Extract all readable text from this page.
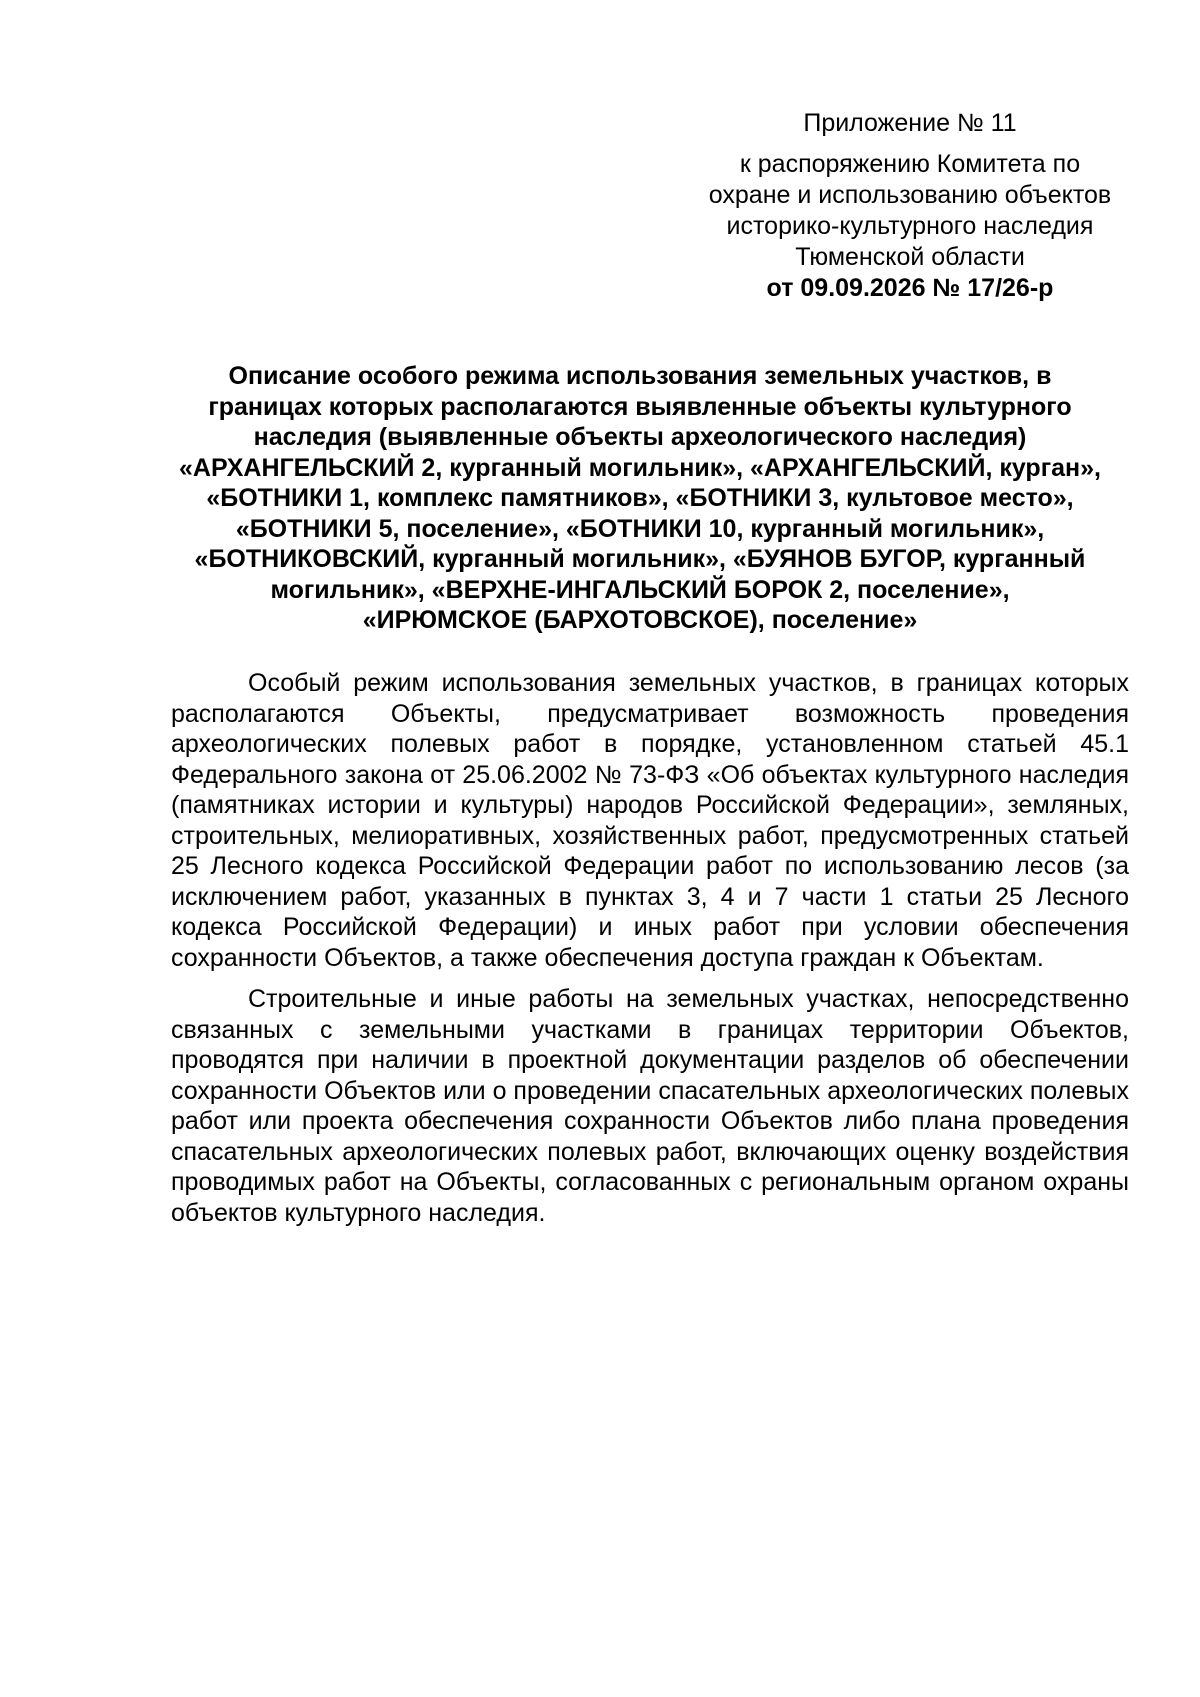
Приложение № 11
к распоряжению Комитета по
охране и использованию объектов
историко-культурного наследия
Тюменской области
от 09.09.2026 № 17/26-р
Описание особого режима использования земельных участков, в
границах которых располагаются выявленные объекты культурного
наследия (выявленные объекты археологического наследия)
«АРХАНГЕЛЬСКИЙ 2, курганный могильник», «АРХАНГЕЛЬСКИЙ, курган»,
«БОТНИКИ 1, комплекс памятников», «БОТНИКИ 3, культовое место»,
«БОТНИКИ 5, поселение», «БОТНИКИ 10, курганный могильник»,
«БОТНИКОВСКИЙ, курганный могильник», «БУЯНОВ БУГОР, курганный
могильник», «ВЕРХНЕ-ИНГАЛЬСКИЙ БОРОК 2, поселение»,
«ИРЮМСКОЕ (БАРХОТОВСКОЕ), поселение»

Особый режим использования земельных участков, в границах которых располагаются Объекты, предусматривает возможность проведения археологических полевых работ в порядке, установленном статьей 45.1 Федерального закона от 25.06.2002 № 73-ФЗ «Об объектах культурного наследия (памятниках истории и культуры) народов Российской Федерации», земляных, строительных, мелиоративных, хозяйственных работ, предусмотренных статьей 25 Лесного кодекса Российской Федерации работ по использованию лесов (за исключением работ, указанных в пунктах 3, 4 и 7 части 1 статьи 25 Лесного кодекса Российской Федерации) и иных работ при условии обеспечения сохранности Объектов, а также обеспечения доступа граждан к Объектам.

Строительные и иные работы на земельных участках, непосредственно связанных с земельными участками в границах территории Объектов, проводятся при наличии в проектной документации разделов об обеспечении сохранности Объектов или о проведении спасательных археологических полевых работ или проекта обеспечения сохранности Объектов либо плана проведения спасательных археологических полевых работ, включающих оценку воздействия проводимых работ на Объекты, согласованных с региональным органом охраны объектов культурного наследия.
